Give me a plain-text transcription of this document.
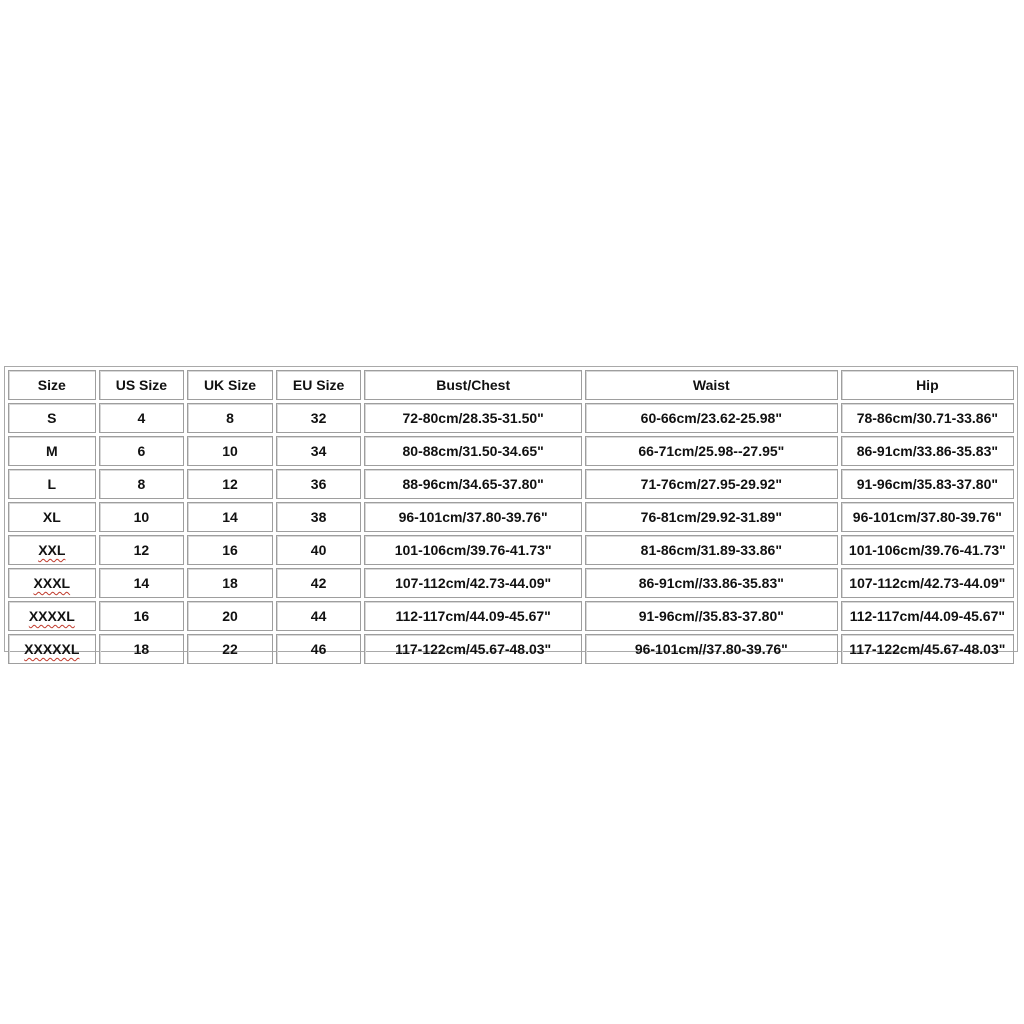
Size	US Size	UK Size	EU Size	Bust/Chest	Waist	Hip
S	4	8	32	72-80cm/28.35-31.50"	60-66cm/23.62-25.98"	78-86cm/30.71-33.86"
M	6	10	34	80-88cm/31.50-34.65"	66-71cm/25.98--27.95"	86-91cm/33.86-35.83"
L	8	12	36	88-96cm/34.65-37.80"	71-76cm/27.95-29.92"	91-96cm/35.83-37.80"
XL	10	14	38	96-101cm/37.80-39.76"	76-81cm/29.92-31.89"	96-101cm/37.80-39.76"
XXL	12	16	40	101-106cm/39.76-41.73"	81-86cm/31.89-33.86"	101-106cm/39.76-41.73"
XXXL	14	18	42	107-112cm/42.73-44.09"	86-91cm//33.86-35.83"	107-112cm/42.73-44.09"
XXXXL	16	20	44	112-117cm/44.09-45.67"	91-96cm//35.83-37.80"	112-117cm/44.09-45.67"
XXXXXL	18	22	46	117-122cm/45.67-48.03"	96-101cm//37.80-39.76"	117-122cm/45.67-48.03"
